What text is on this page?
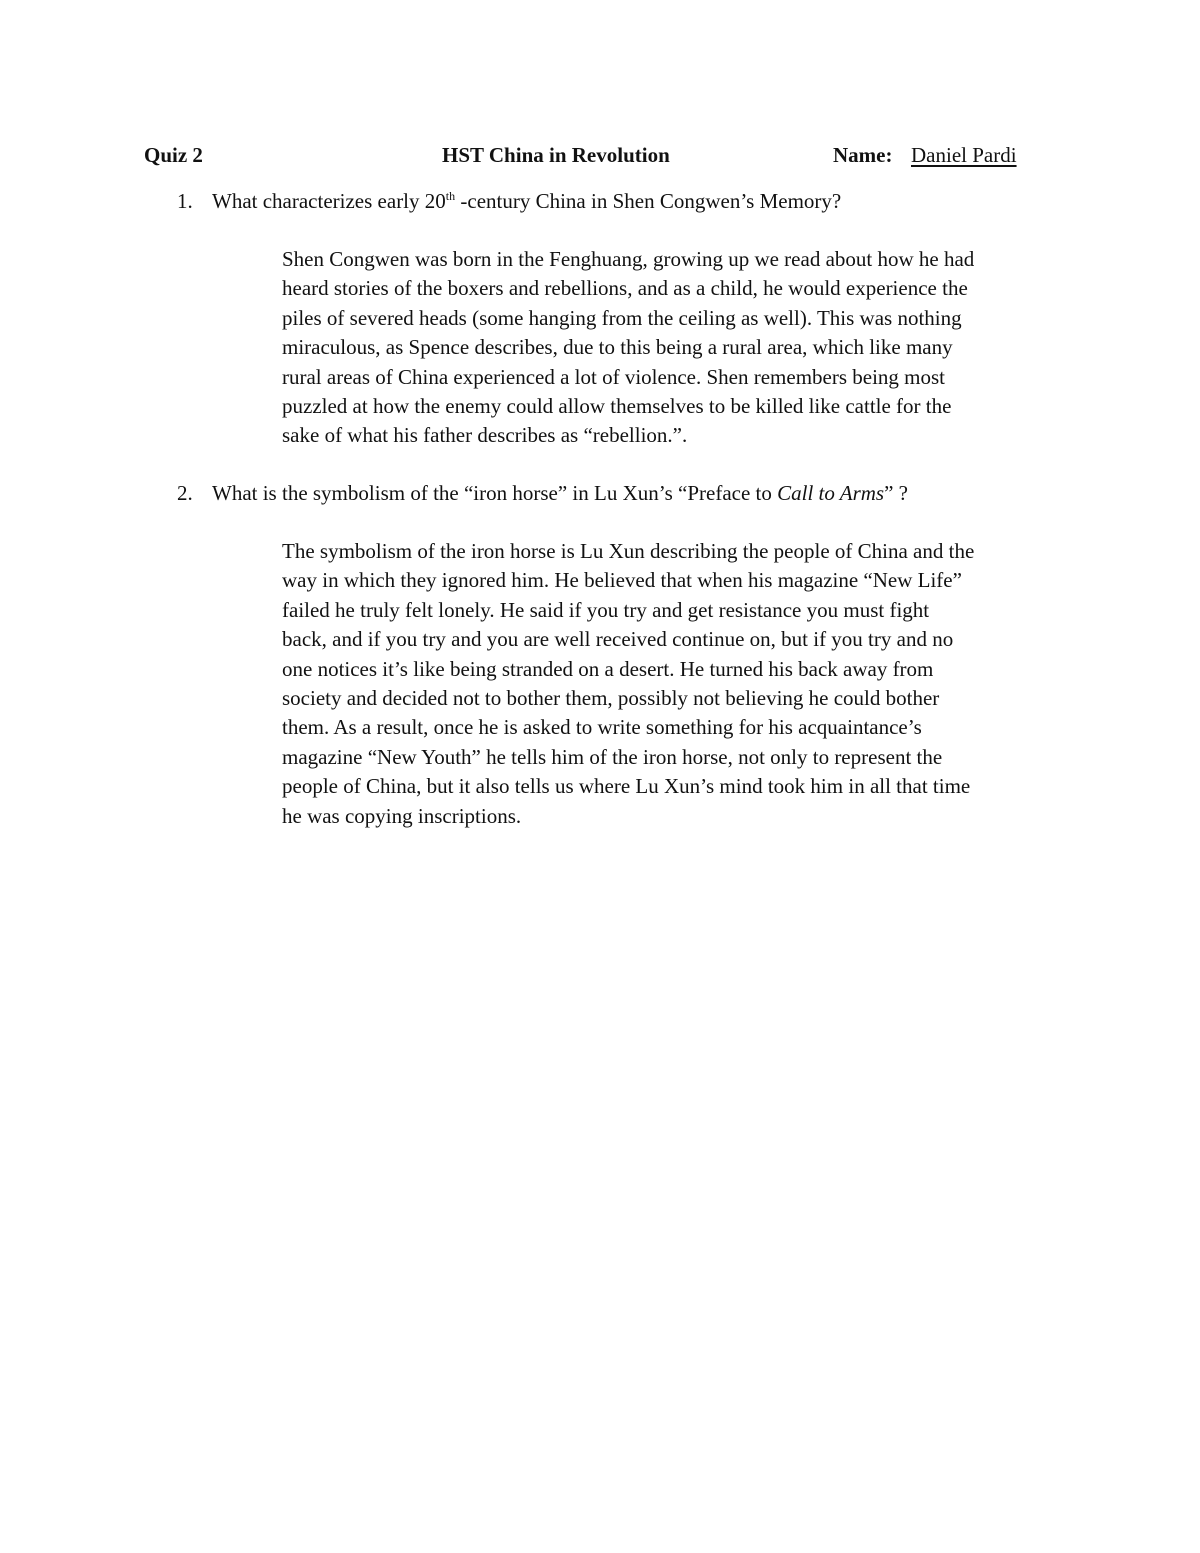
Quiz 2	HST China in Revolution	Name: Daniel Pardi
1. What characterizes early 20th -century China in Shen Congwen’s Memory?
Shen Congwen was born in the Fenghuang, growing up we read about how he had
heard stories of the boxers and rebellions, and as a child, he would experience the
piles of severed heads (some hanging from the ceiling as well). This was nothing
miraculous, as Spence describes, due to this being a rural area, which like many
rural areas of China experienced a lot of violence. Shen remembers being most
puzzled at how the enemy could allow themselves to be killed like cattle for the
sake of what his father describes as “rebellion.”.
2. What is the symbolism of the “iron horse” in Lu Xun’s “Preface to Call to Arms” ?
The symbolism of the iron horse is Lu Xun describing the people of China and the
way in which they ignored him. He believed that when his magazine “New Life”
failed he truly felt lonely. He said if you try and get resistance you must fight
back, and if you try and you are well received continue on, but if you try and no
one notices it’s like being stranded on a desert. He turned his back away from
society and decided not to bother them, possibly not believing he could bother
them. As a result, once he is asked to write something for his acquaintance’s
magazine “New Youth” he tells him of the iron horse, not only to represent the
people of China, but it also tells us where Lu Xun’s mind took him in all that time
he was copying inscriptions.
